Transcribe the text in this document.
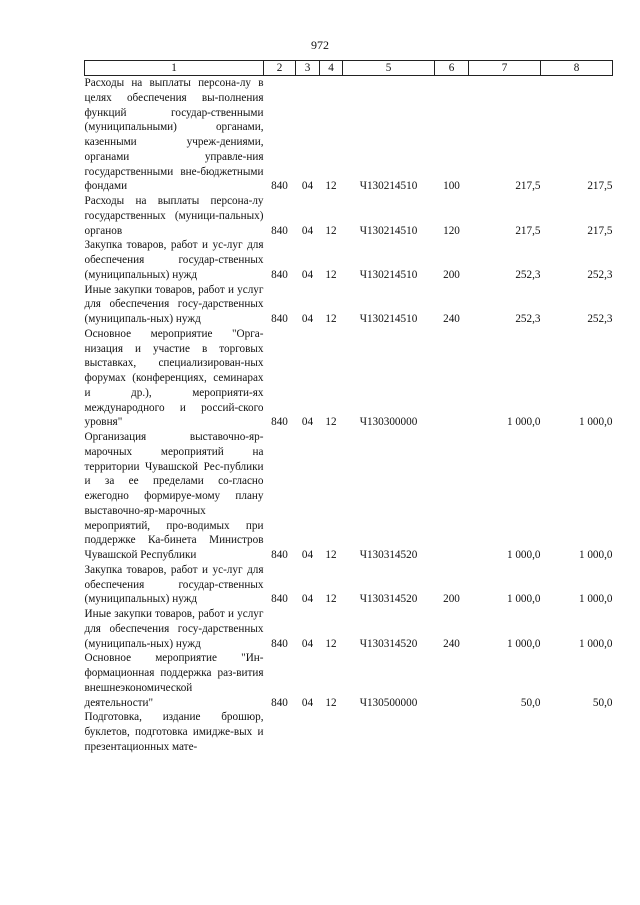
972
1	2	3	4	5	6	7	8
Расходы на выплаты персона-лу в целях обеспечения вы-полнения функций государ-ственными (муниципальными) органами, казенными учреж-дениями, органами управле-ния государственными вне-бюджетными фондами	840	04	12	Ч130214510	100	217,5	217,5
Расходы на выплаты персона-лу государственных (муници-пальных) органов	840	04	12	Ч130214510	120	217,5	217,5
Закупка товаров, работ и ус-луг для обеспечения государ-ственных (муниципальных) нужд	840	04	12	Ч130214510	200	252,3	252,3
Иные закупки товаров, работ и услуг для обеспечения госу-дарственных (муниципаль-ных) нужд	840	04	12	Ч130214510	240	252,3	252,3
Основное мероприятие "Орга-низация и участие в торговых выставках, специализирован-ных форумах (конференциях, семинарах и др.), мероприяти-ях международного и россий-ского уровня"	840	04	12	Ч130300000		1 000,0	1 000,0
Организация выставочно-яр-марочных мероприятий на территории Чувашской Рес-публики и за ее пределами со-гласно ежегодно формируе-мому плану выставочно-яр-марочных мероприятий, про-водимых при поддержке Ка-бинета Министров Чувашской Республики	840	04	12	Ч130314520		1 000,0	1 000,0
Закупка товаров, работ и ус-луг для обеспечения государ-ственных (муниципальных) нужд	840	04	12	Ч130314520	200	1 000,0	1 000,0
Иные закупки товаров, работ и услуг для обеспечения госу-дарственных (муниципаль-ных) нужд	840	04	12	Ч130314520	240	1 000,0	1 000,0
Основное мероприятие "Ин-формационная поддержка раз-вития внешнеэкономической деятельности"	840	04	12	Ч130500000		50,0	50,0
Подготовка, издание брошюр, буклетов, подготовка имидже-вых и презентационных мате-							
